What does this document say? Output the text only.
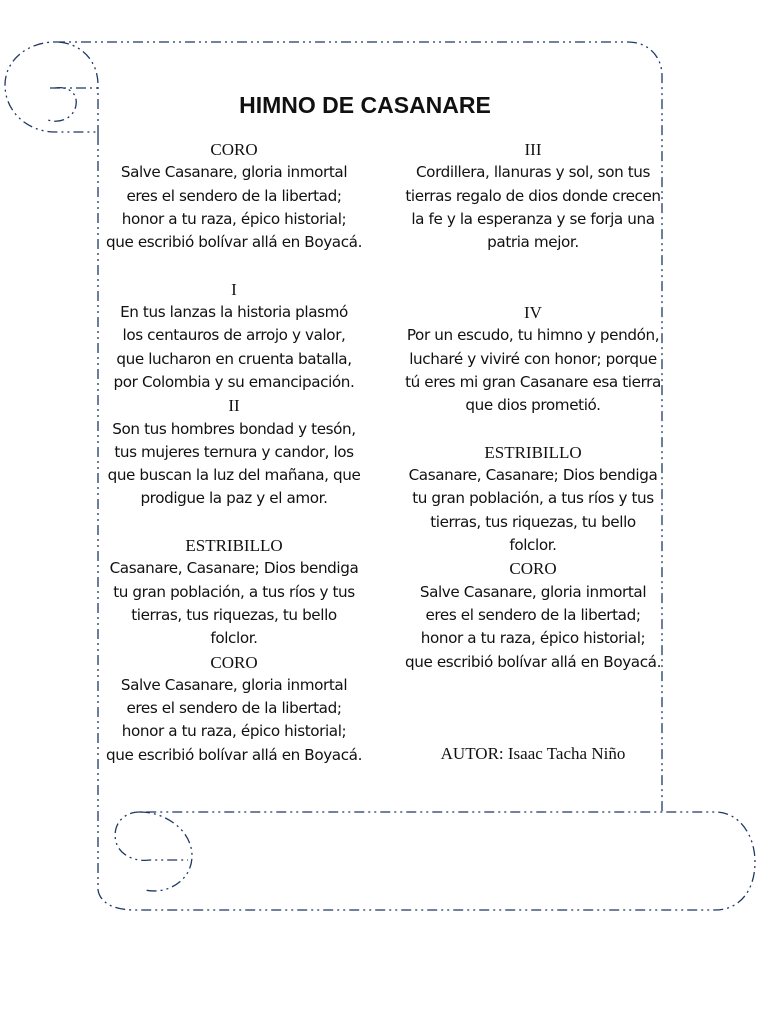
HIMNO DE CASANARE
CORO
Salve Casanare, gloria inmortal
eres el sendero de la libertad;
honor a tu raza, épico historial;
que escribió bolívar allá en Boyacá.
I
En tus lanzas la historia plasmó
los centauros de arrojo y valor,
que lucharon en cruenta batalla,
por Colombia y su emancipación.
II
Son tus hombres bondad y tesón,
tus mujeres ternura y candor, los
que buscan la luz del mañana, que
prodigue la paz y el amor.
ESTRIBILLO
Casanare, Casanare; Dios bendiga
tu gran población, a tus ríos y tus
tierras, tus riquezas, tu bello
folclor.
CORO
Salve Casanare, gloria inmortal
eres el sendero de la libertad;
honor a tu raza, épico historial;
que escribió bolívar allá en Boyacá.
III
Cordillera, llanuras y sol, son tus
tierras regalo de dios donde crecen
la fe y la esperanza y se forja una
patria mejor.
IV
Por un escudo, tu himno y pendón,
lucharé y viviré con honor; porque
tú eres mi gran Casanare esa tierra
que dios prometió.
ESTRIBILLO
Casanare, Casanare; Dios bendiga
tu gran población, a tus ríos y tus
tierras, tus riquezas, tu bello
folclor.
CORO
Salve Casanare, gloria inmortal
eres el sendero de la libertad;
honor a tu raza, épico historial;
que escribió bolívar allá en Boyacá.
AUTOR: Isaac Tacha Niño
